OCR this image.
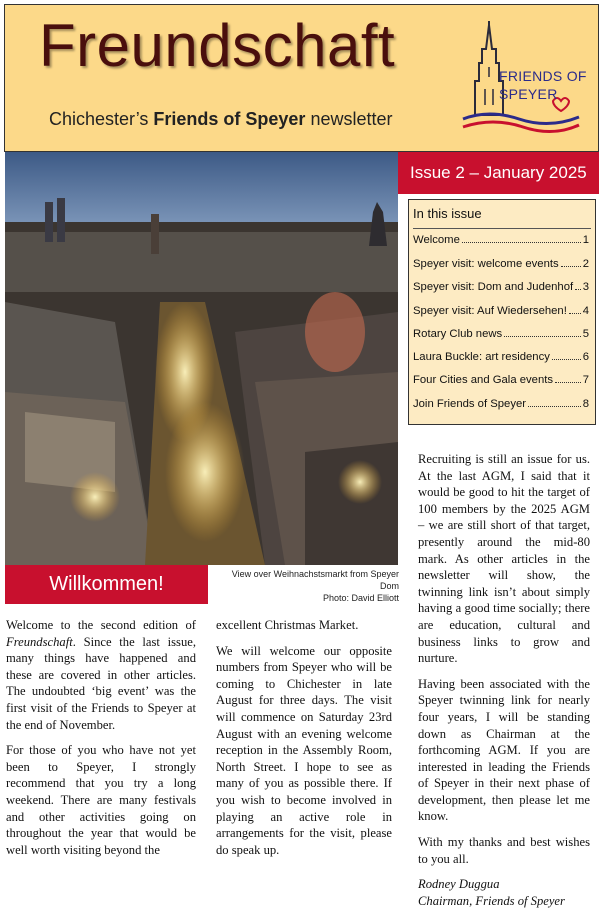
Freundschaft
Chichester’s Friends of Speyer newsletter
FRIENDS OF
SPEYER
View over Weihnachstsmarkt from Speyer Dom
Photo: David Elliott
Willkommen!
Issue 2 – January 2025
In this issue
Welcome	1
Speyer visit: welcome events 2
Speyer visit: Dom and Judenhof 3
Speyer visit: Auf Wiedersehen! 4
Rotary Club news	5
Laura Buckle: art residency	6
Four Cities and Gala events	7
Join Friends of Speyer	8

Welcome to the second edition of Freundschaft. Since the last issue, many things have happened and these are covered in other articles. The undoubted ‘big event’ was the first visit of the Friends to Speyer at the end of November.

For those of you who have not yet been to Speyer, I strongly recommend that you try a long weekend. There are many festivals and other activities going on throughout the year that would be well worth visiting beyond the

excellent Christmas Market.

We will welcome our opposite numbers from Speyer who will be coming to Chichester in late August for three days. The visit will commence on Saturday 23rd August with an evening welcome reception in the Assembly Room, North Street. I hope to see as many of you as possible there. If you wish to become involved in playing an active role in arrangements for the visit, please do speak up.

Recruiting is still an issue for us. At the last AGM, I said that it would be good to hit the target of 100 members by the 2025 AGM – we are still short of that target, presently around the mid-80 mark. As other articles in the newsletter will show, the twinning link isn’t about simply having a good time socially; there are education, cultural and business links to grow and nurture.

Having been associated with the Speyer twinning link for nearly four years, I will be standing down as Chairman at the forthcoming AGM. If you are interested in leading the Friends of Speyer in their next phase of development, then please let me know.

With my thanks and best wishes to you all.

Rodney Duggua

Chairman, Friends of Speyer
